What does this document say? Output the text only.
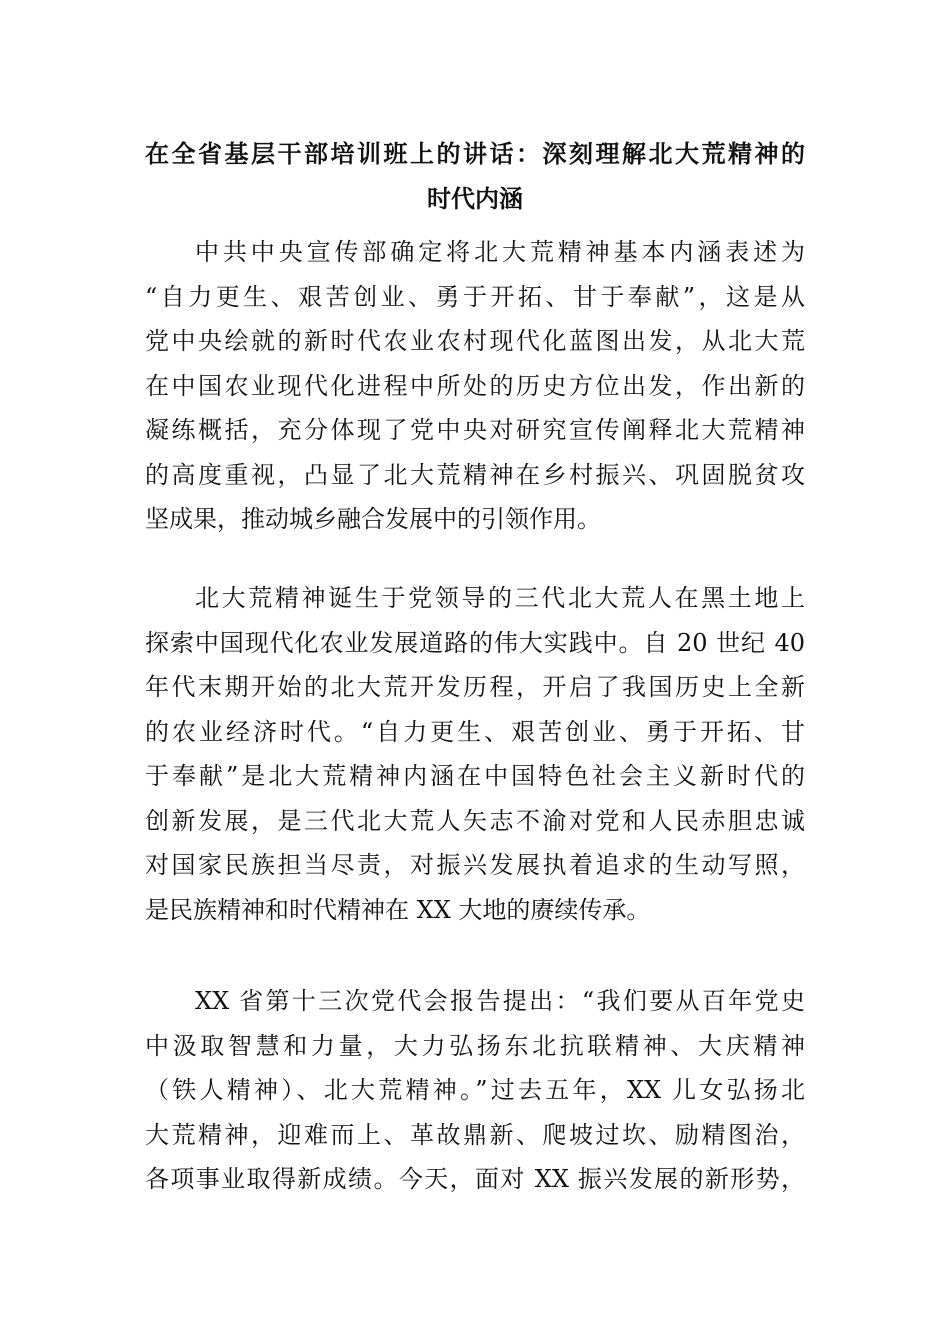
在全省基层干部培训班上的讲话：深刻理解北大荒精神的
时代内涵
中共中央宣传部确定将北大荒精神基本内涵表述为
“自力更生、艰苦创业、勇于开拓、甘于奉献”，这是从
党中央绘就的新时代农业农村现代化蓝图出发，从北大荒
在中国农业现代化进程中所处的历史方位出发，作出新的
凝练概括，充分体现了党中央对研究宣传阐释北大荒精神
的高度重视，凸显了北大荒精神在乡村振兴、巩固脱贫攻
坚成果，推动城乡融合发展中的引领作用。
北大荒精神诞生于党领导的三代北大荒人在黑土地上
探索中国现代化农业发展道路的伟大实践中。自 20 世纪 40
年代末期开始的北大荒开发历程，开启了我国历史上全新
的农业经济时代。“自力更生、艰苦创业、勇于开拓、甘
于奉献”是北大荒精神内涵在中国特色社会主义新时代的
创新发展，是三代北大荒人矢志不渝对党和人民赤胆忠诚
对国家民族担当尽责，对振兴发展执着追求的生动写照，
是民族精神和时代精神在 XX 大地的赓续传承。
XX 省第十三次党代会报告提出：“我们要从百年党史
中汲取智慧和力量，大力弘扬东北抗联精神、大庆精神
（铁人精神）、北大荒精神。”过去五年，XX 儿女弘扬北
大荒精神，迎难而上、革故鼎新、爬坡过坎、励精图治，
各项事业取得新成绩。今天，面对 XX 振兴发展的新形势，
